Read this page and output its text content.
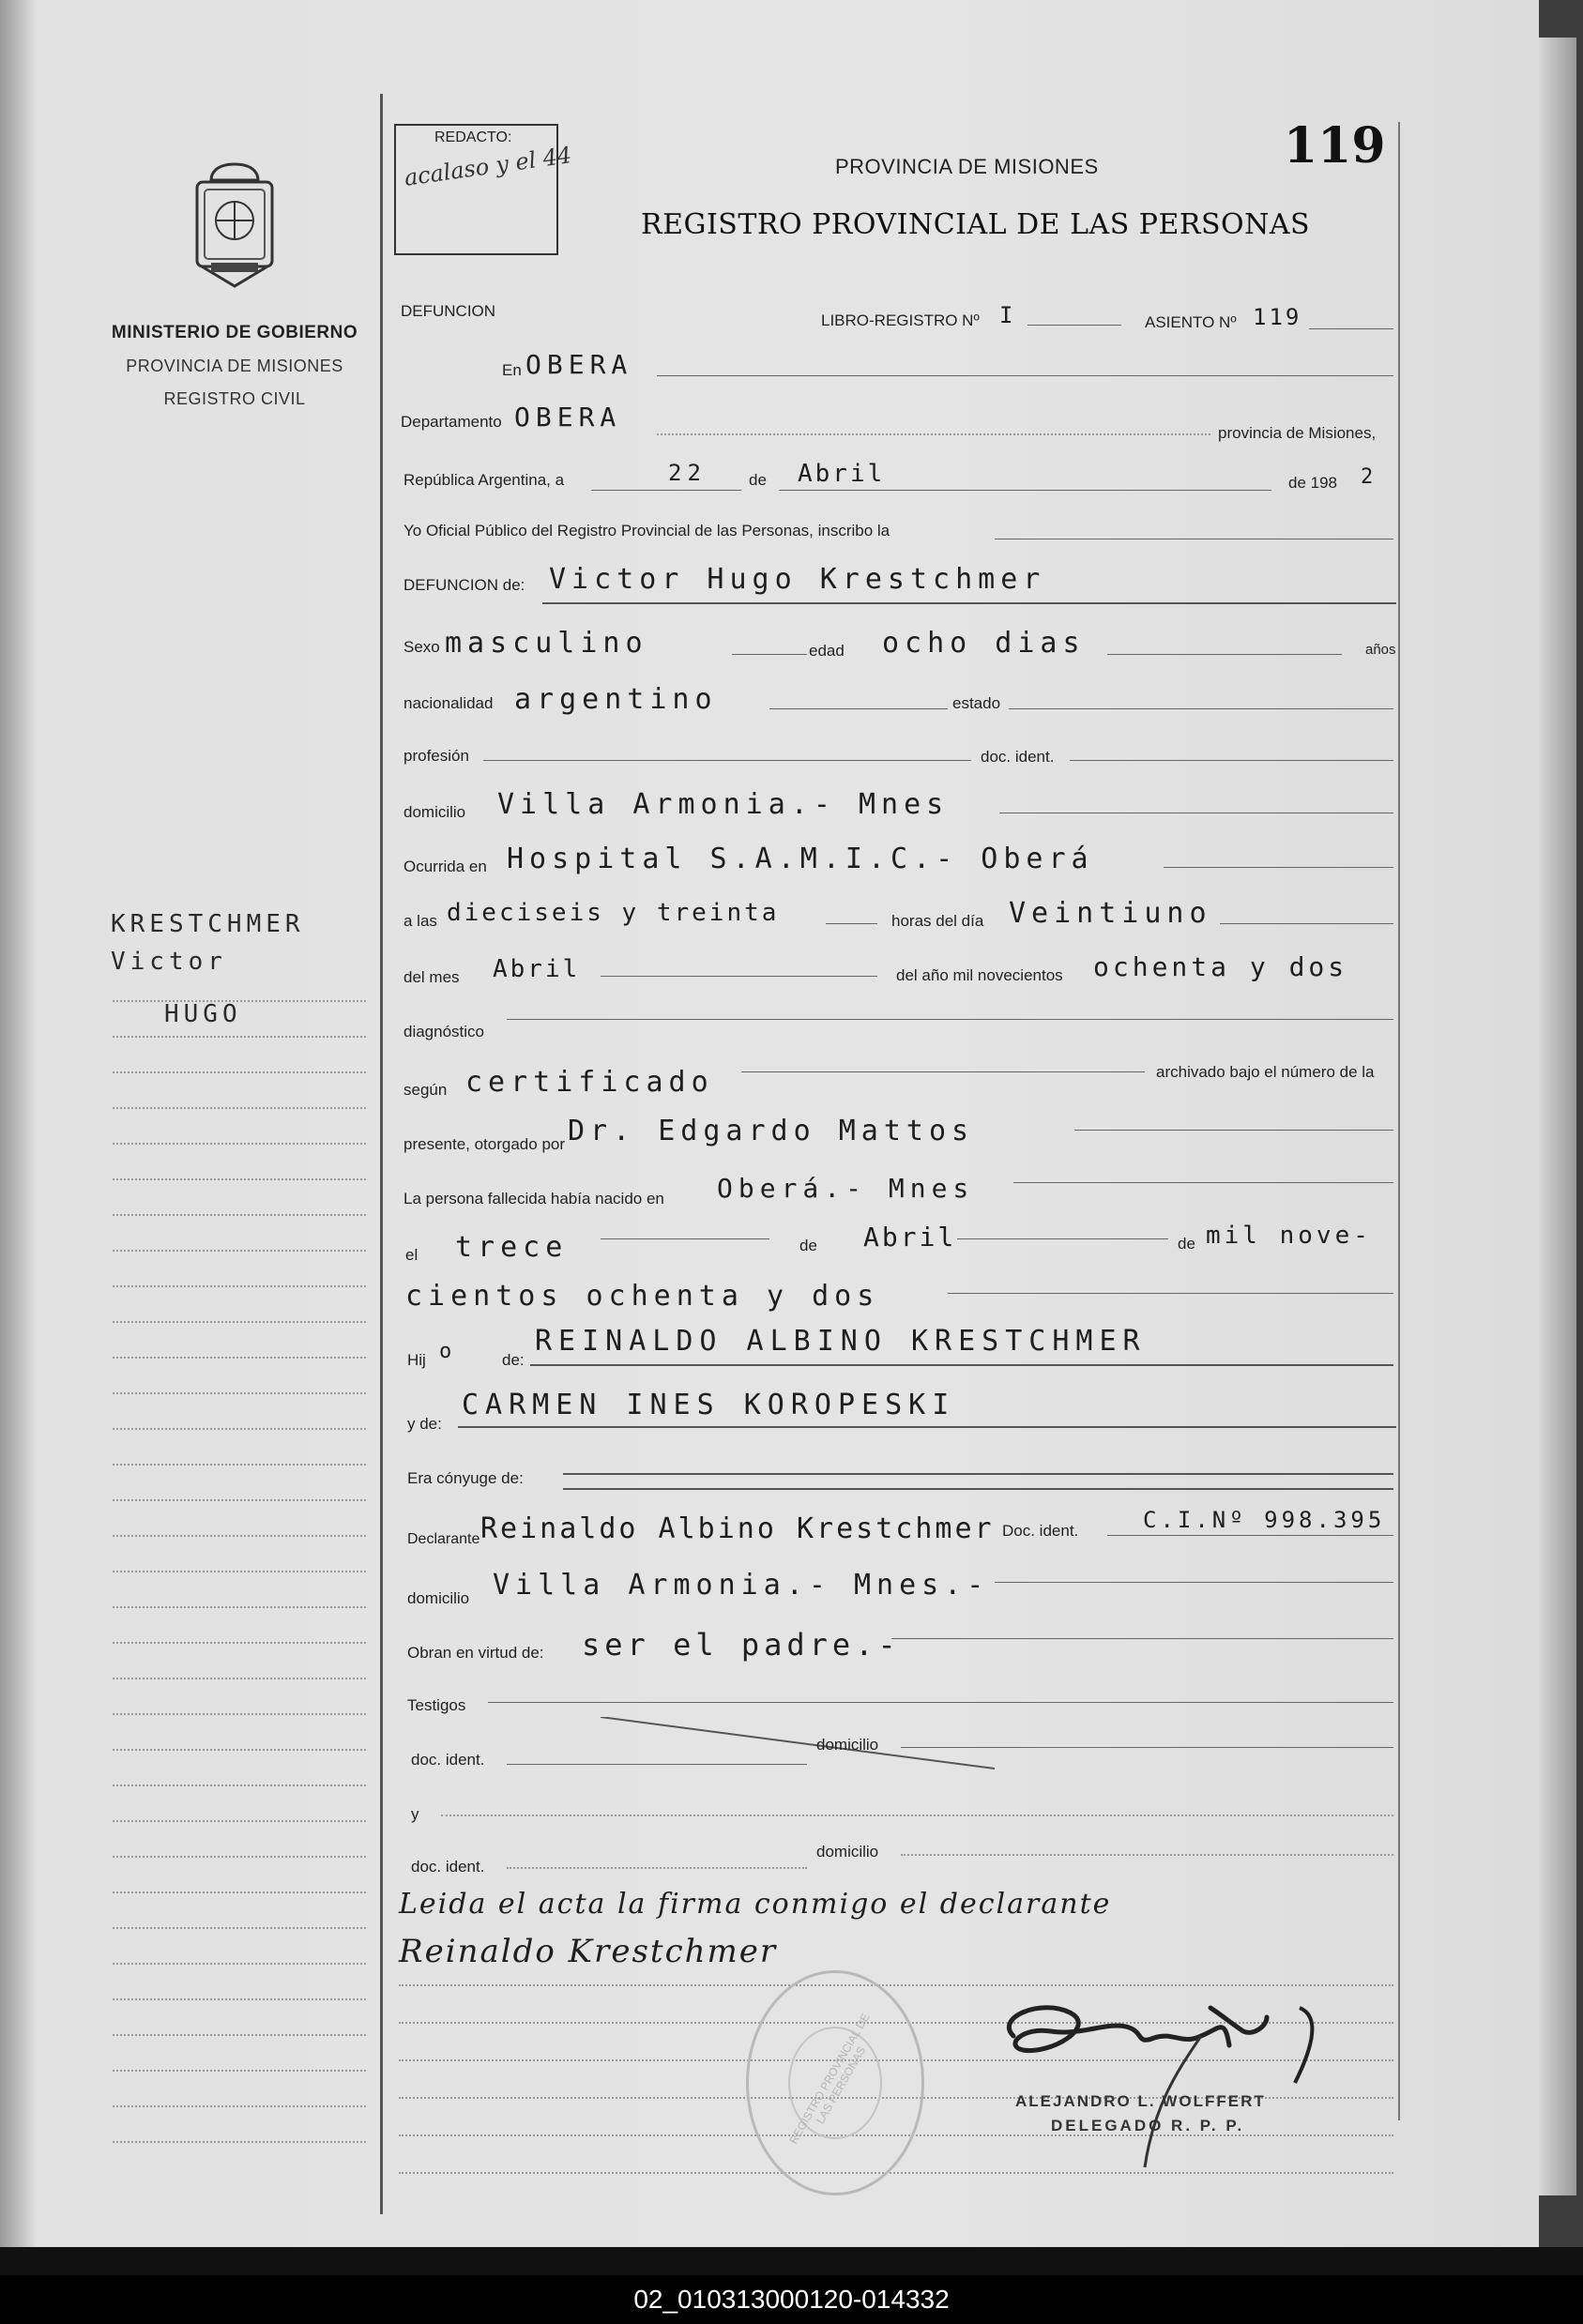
MINISTERIO DE GOBIERNO
PROVINCIA DE MISIONES
REGISTRO CIVIL
KRESTCHMER
Victor
HUGO
REDACTO:
acalaso y el 44	119
PROVINCIA DE MISIONES
REGISTRO PROVINCIAL DE LAS PERSONAS
DEFUNCION
LIBRO-REGISTRO Nº I	ASIENTO Nº 119
En OBERA
Departamento OBERA
provincia de Misiones,
República Argentina, a	22	de Abril	de 198 2
Yo Oficial Público del Registro Provincial de las Personas, inscribo la
DEFUNCION de: Victor Hugo Krestchmer
Sexo masculino	edad ocho dias	años
nacionalidad argentino	estado
profesión	doc. ident.
domicilio Villa Armonia.- Mnes
Ocurrida en Hospital S.A.M.I.C.- Oberá
a las dieciseis y treinta	horas del día Veintiuno
del mes Abril	del año mil novecientos ochenta y dos
diagnóstico
según certificado	archivado bajo el número de la
presente, otorgado por Dr. Edgardo Mattos
La persona fallecida había nacido en Oberá.- Mnes
el trece	de Abril	de mil nove-
cientos ochenta y dos
Hij o	de:
REINALDO ALBINO KRESTCHMER
y de:
CARMEN INES KOROPESKI
Era cónyuge de:
Declarante Reinaldo Albino Krestchmer Doc. ident.	C.I.Nº 998.395
domicilio Villa Armonia.- Mnes.-
Obran en virtud de: ser el padre.-
Testigos
domicilio
doc. ident.
y
doc. ident.
domicilio
Leida el acta la firma conmigo el declarante
Reinaldo Krestchmer
REGISTRO PROVINCIAL DE LAS PERSONAS	ALEJANDRO L. WOLFFERT
DELEGADO R. P. P.
02_010313000120-014332
